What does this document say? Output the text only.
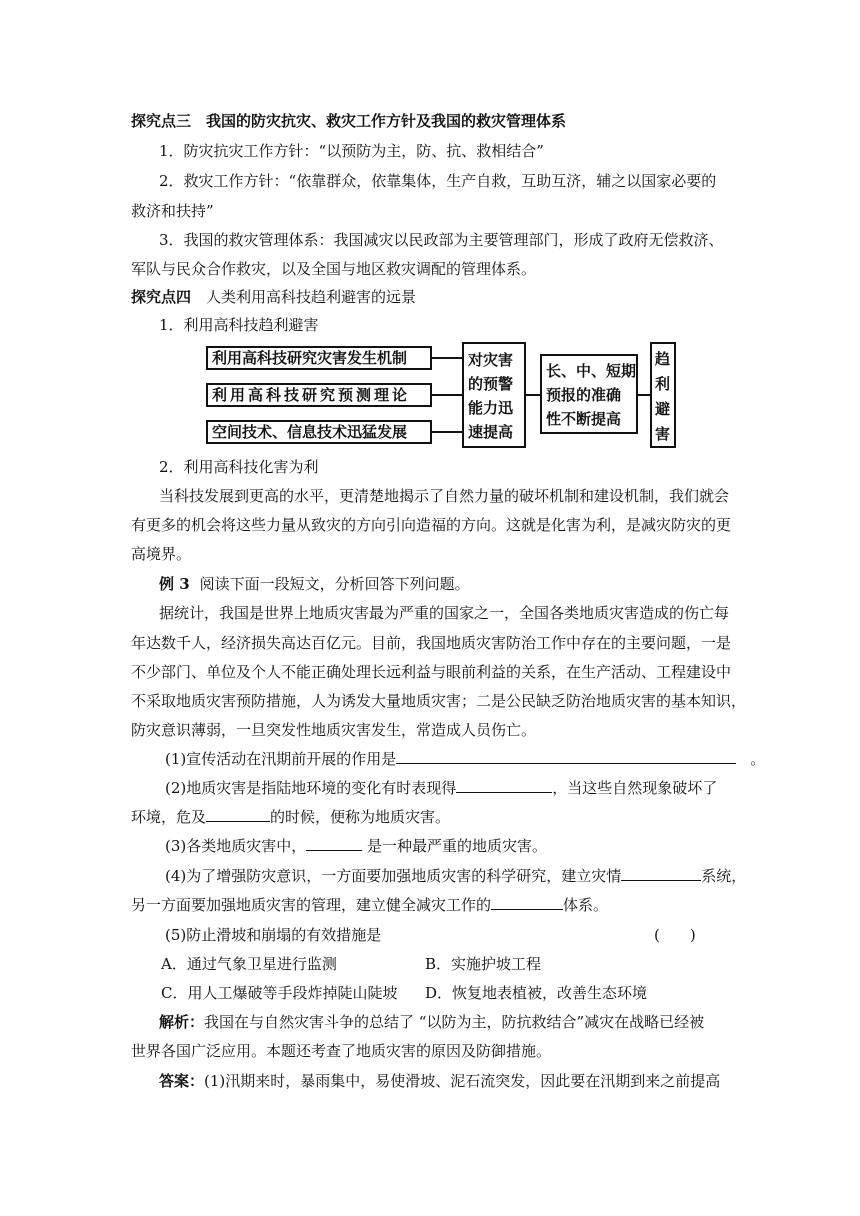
探究点三　我国的防灾抗灾、救灾工作方针及我国的救灾管理体系
1．防灾抗灾工作方针：“以预防为主，防、抗、救相结合”
2．救灾工作方针：“依靠群众，依靠集体，生产自救，互助互济，辅之以国家必要的
救济和扶持”
3．我国的救灾管理体系：我国减灾以民政部为主要管理部门，形成了政府无偿救济、
军队与民众合作救灾，以及全国与地区救灾调配的管理体系。
探究点四 人类利用高科技趋利避害的远景
1．利用高科技趋利避害
利用高科技研究灾害发生机制
利用高科技研究预测理论
空间技术、信息技术迅猛发展
对灾害
的预警
能力迅
速提高
长、中、短期
预报的准确
性不断提高
趋
利
避
害
2．利用高科技化害为利
当科技发展到更高的水平，更清楚地揭示了自然力量的破坏机制和建设机制，我们就会
有更多的机会将这些力量从致灾的方向引向造福的方向。这就是化害为利，是减灾防灾的更
高境界。
例 3 阅读下面一段短文，分析回答下列问题。
据统计，我国是世界上地质灾害最为严重的国家之一，全国各类地质灾害造成的伤亡每
年达数千人，经济损失高达百亿元。目前，我国地质灾害防治工作中存在的主要问题，一是
不少部门、单位及个人不能正确处理长远利益与眼前利益的关系，在生产活动、工程建设中
不采取地质灾害预防措施，人为诱发大量地质灾害；二是公民缺乏防治地质灾害的基本知识，
防灾意识薄弱，一旦突发性地质灾害发生，常造成人员伤亡。
(1)宣传活动在汛期前开展的作用是	。
(2)地质灾害是指陆地环境的变化有时表现得	，当这些自然现象破坏了
环境，危及	的时候，便称为地质灾害。
(3)各类地质灾害中，	是一种最严重的地质灾害。
(4)为了增强防灾意识，一方面要加强地质灾害的科学研究，建立灾情	系统，
另一方面要加强地质灾害的管理，建立健全减灾工作的	体系。
(5)防止滑坡和崩塌的有效措施是	(　　)
A．通过气象卫星进行监测	B．实施护坡工程
C．用人工爆破等手段炸掉陡山陡坡 D．恢复地表植被，改善生态环境
解析：我国在与自然灾害斗争的总结了 “以防为主，防抗救结合”减灾在战略已经被
世界各国广泛应用。本题还考查了地质灾害的原因及防御措施。
答案：(1)汛期来时，暴雨集中，易使滑坡、泥石流突发，因此要在汛期到来之前提高
